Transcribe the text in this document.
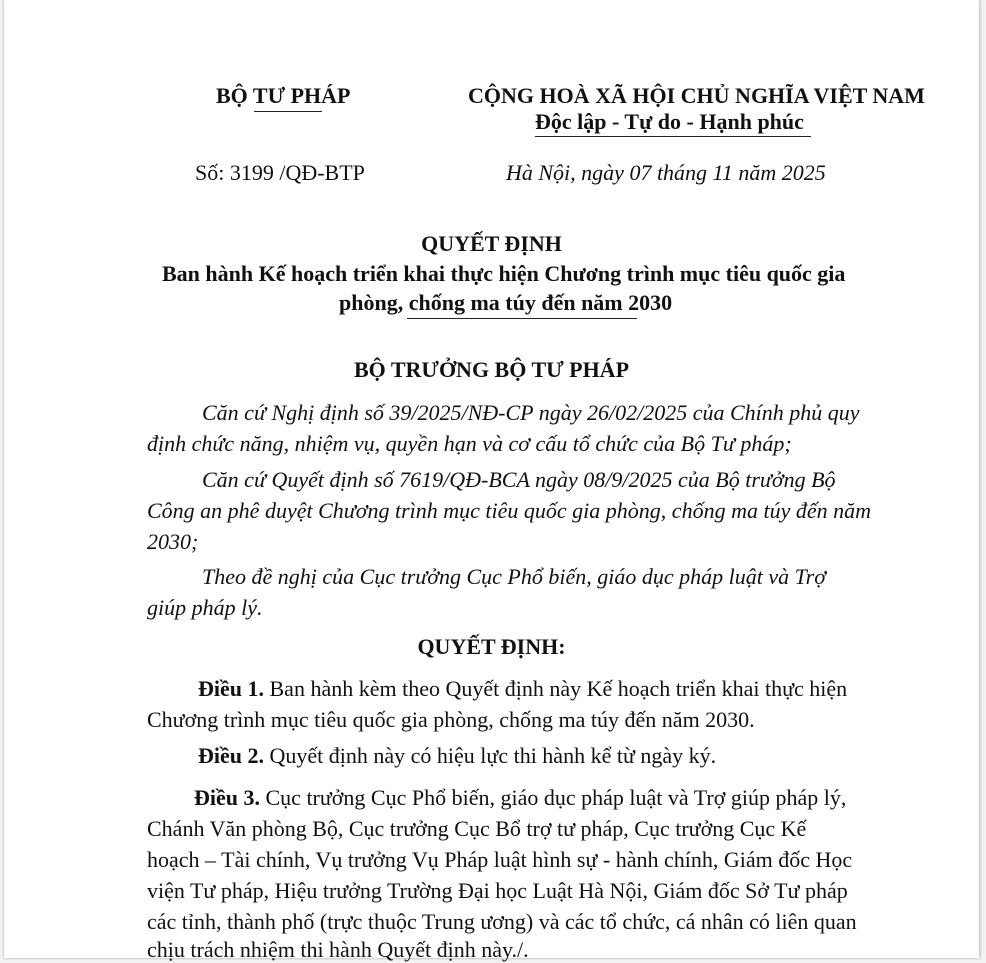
BỘ TƯ PHÁP	CỘNG HOÀ XÃ HỘI CHỦ NGHĨA VIỆT NAM
Độc lập - Tự do - Hạnh phúc
Số: 3199 /QĐ-BTP	Hà Nội, ngày 07 tháng 11 năm 2025
QUYẾT ĐỊNH
Ban hành Kế hoạch triển khai thực hiện Chương trình mục tiêu quốc gia
phòng, chống ma túy đến năm 2030
BỘ TRƯỞNG BỘ TƯ PHÁP
Căn cứ Nghị định số 39/2025/NĐ-CP ngày 26/02/2025 của Chính phủ quy
định chức năng, nhiệm vụ, quyền hạn và cơ cấu tổ chức của Bộ Tư pháp;
Căn cứ Quyết định số 7619/QĐ-BCA ngày 08/9/2025 của Bộ trưởng Bộ
Công an phê duyệt Chương trình mục tiêu quốc gia phòng, chống ma túy đến năm
2030;
Theo đề nghị của Cục trưởng Cục Phổ biến, giáo dục pháp luật và Trợ
giúp pháp lý.
QUYẾT ĐỊNH:
Điều 1. Ban hành kèm theo Quyết định này Kế hoạch triển khai thực hiện
Chương trình mục tiêu quốc gia phòng, chống ma túy đến năm 2030.
Điều 2. Quyết định này có hiệu lực thi hành kể từ ngày ký.
Điều 3. Cục trưởng Cục Phổ biến, giáo dục pháp luật và Trợ giúp pháp lý,
Chánh Văn phòng Bộ, Cục trưởng Cục Bổ trợ tư pháp, Cục trưởng Cục Kế
hoạch – Tài chính, Vụ trưởng Vụ Pháp luật hình sự - hành chính, Giám đốc Học
viện Tư pháp, Hiệu trưởng Trường Đại học Luật Hà Nội, Giám đốc Sở Tư pháp
các tỉnh, thành phố (trực thuộc Trung ương) và các tổ chức, cá nhân có liên quan
chịu trách nhiệm thi hành Quyết định này./.
